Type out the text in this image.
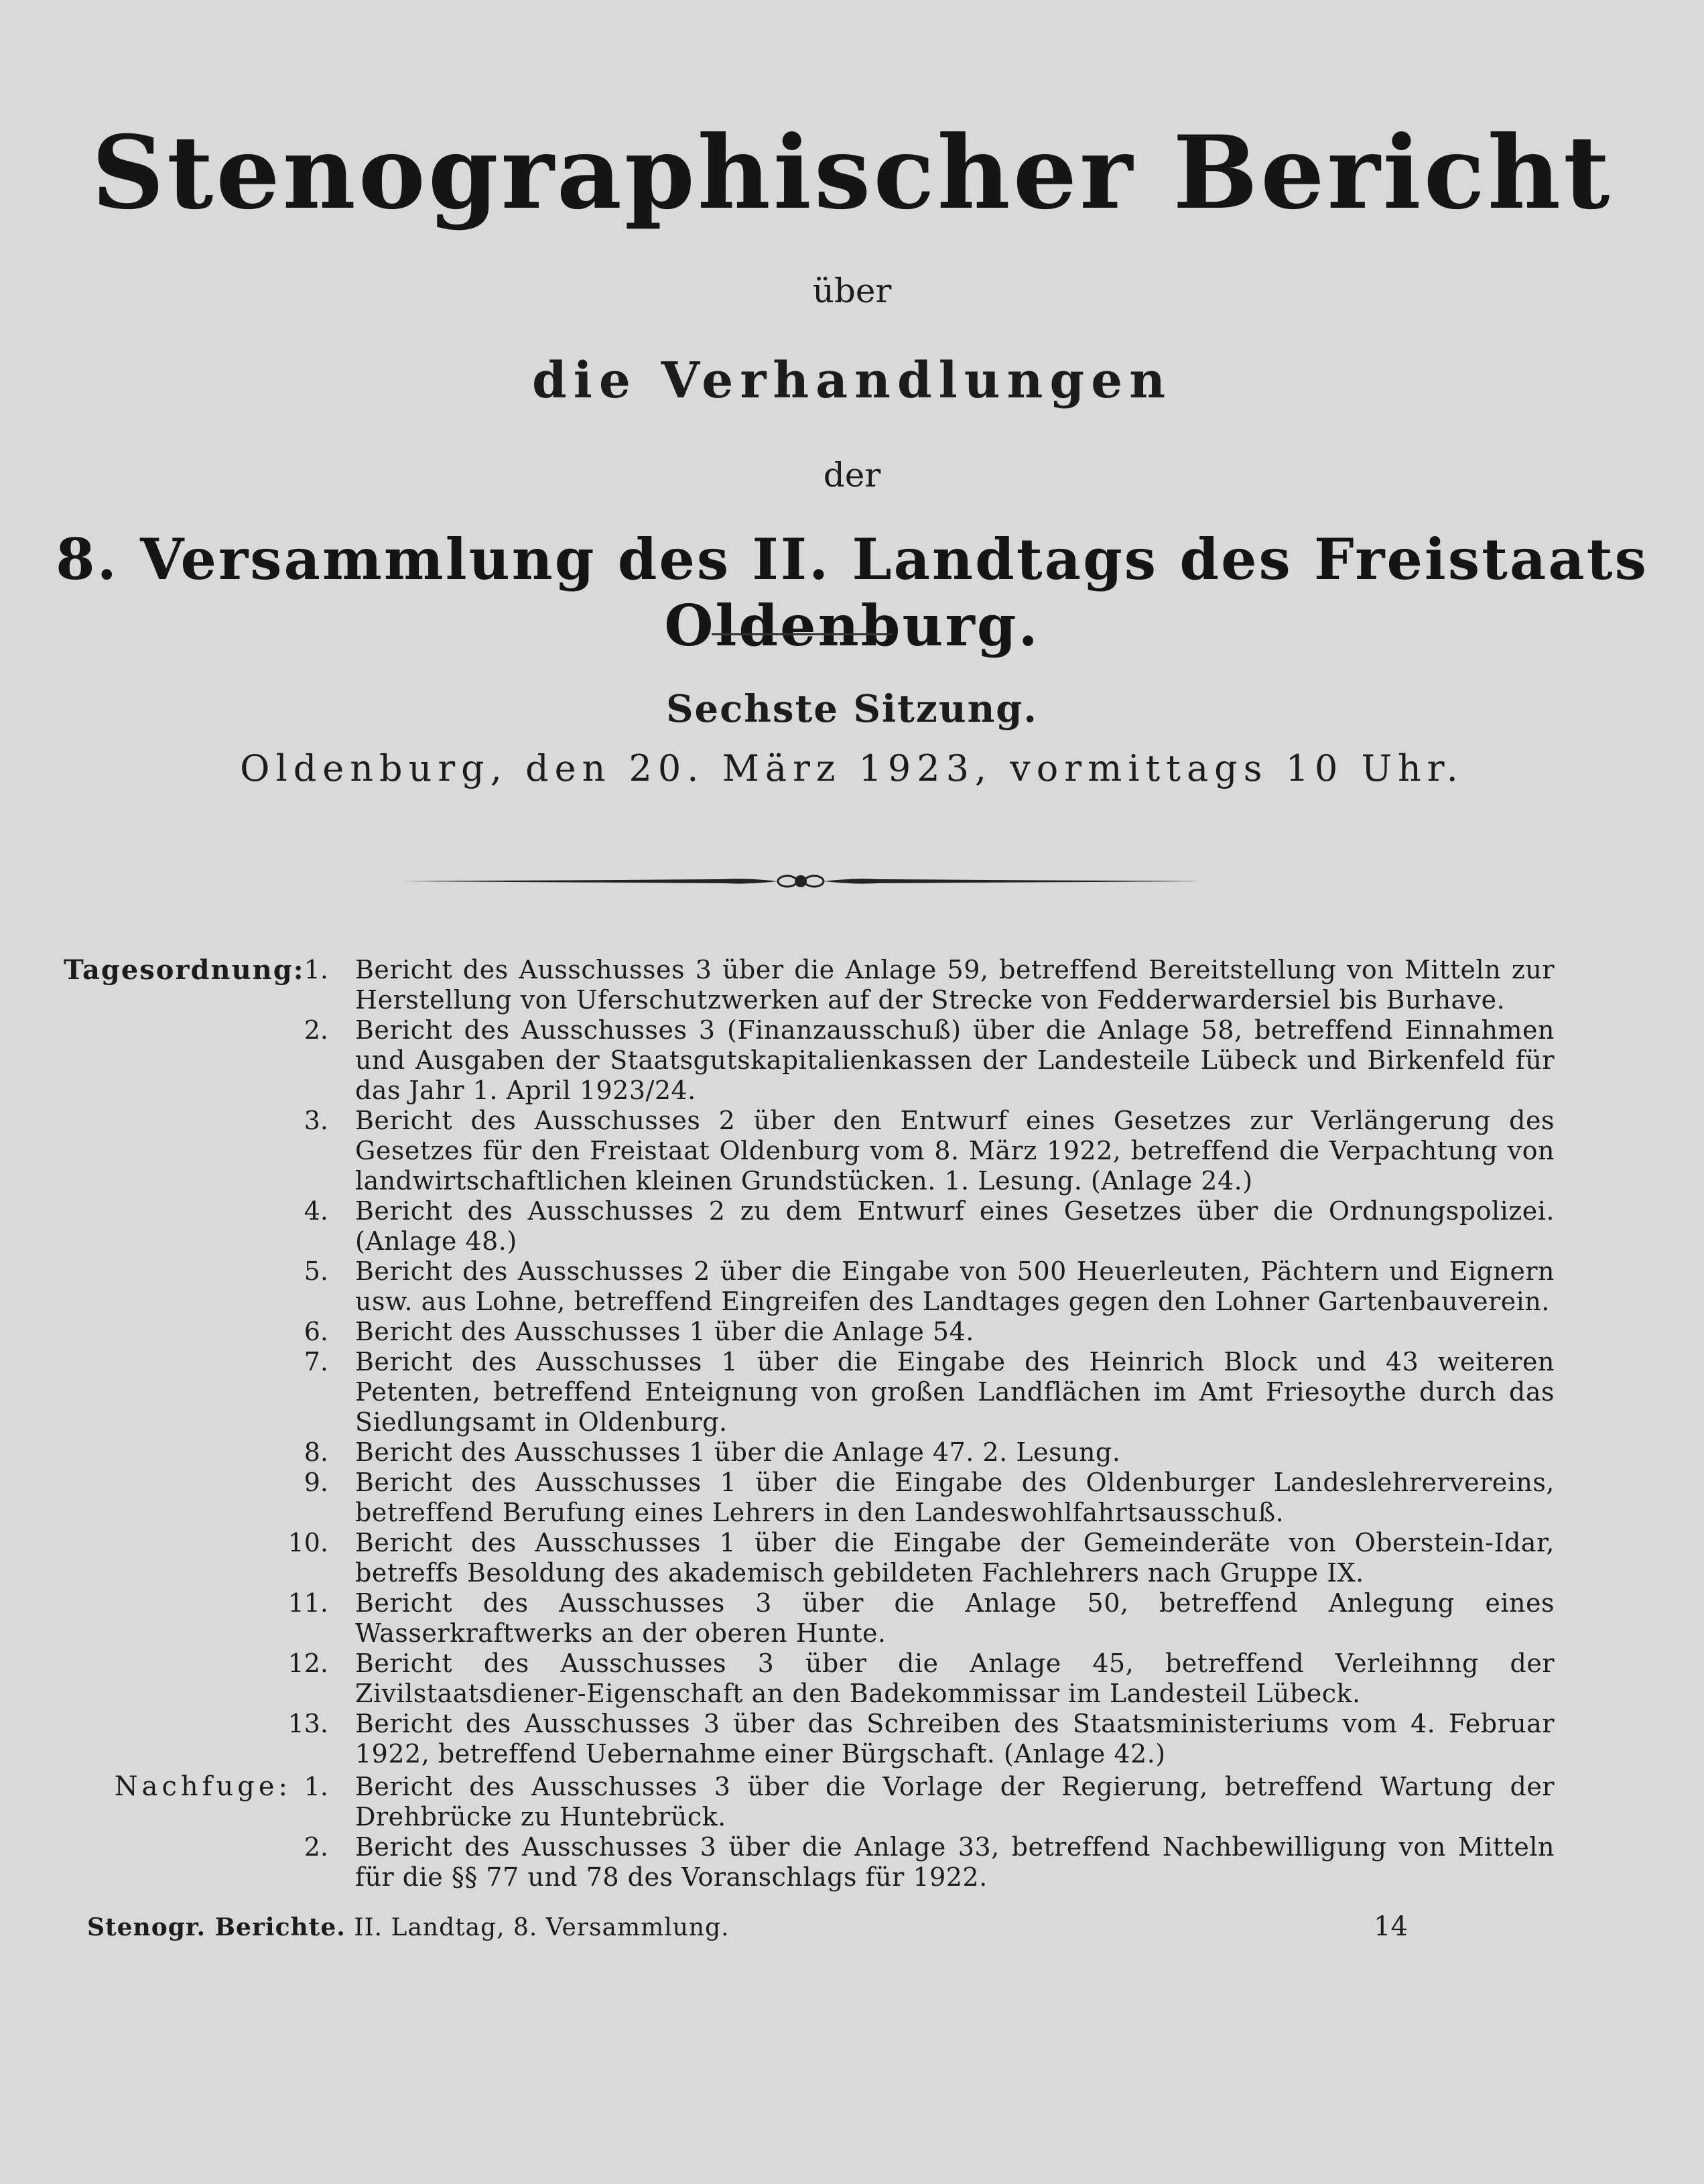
Stenographischer Bericht
über
die Verhandlungen
der
8. Versammlung des II. Landtags des Freistaats Oldenburg.
Sechste Sitzung.
Oldenburg, den 20. März 1923, vormittags 10 Uhr.
Tagesordnung: 1. Bericht des Ausschusses 3 über die Anlage 59, betreffend Bereitstellung von Mitteln zur Herstellung von Uferschutzwerken auf der Strecke von Fedderwardersiel bis Burhave.
2. Bericht des Ausschusses 3 (Finanzausschuß) über die Anlage 58, betreffend Einnahmen und Ausgaben der Staatsgutskapitalienkassen der Landesteile Lübeck und Birkenfeld für das Jahr 1. April 1923/24.
3. Bericht des Ausschusses 2 über den Entwurf eines Gesetzes zur Verlängerung des Gesetzes für den Freistaat Oldenburg vom 8. März 1922, betreffend die Verpachtung von landwirtschaftlichen kleinen Grundstücken. 1. Lesung. (Anlage 24.)
4. Bericht des Ausschusses 2 zu dem Entwurf eines Gesetzes über die Ordnungspolizei. (Anlage 48.)
5. Bericht des Ausschusses 2 über die Eingabe von 500 Heuerleuten, Pächtern und Eignern usw. aus Lohne, betreffend Eingreifen des Landtages gegen den Lohner Gartenbauverein.
6. Bericht des Ausschusses 1 über die Anlage 54.
7. Bericht des Ausschusses 1 über die Eingabe des Heinrich Block und 43 weiteren Petenten, betreffend Enteignung von großen Landflächen im Amt Friesoythe durch das Siedlungsamt in Oldenburg.
8. Bericht des Ausschusses 1 über die Anlage 47. 2. Lesung.
9. Bericht des Ausschusses 1 über die Eingabe des Oldenburger Landeslehrervereins, betreffend Berufung eines Lehrers in den Landeswohlfahrtsausschuß.
10. Bericht des Ausschusses 1 über die Eingabe der Gemeinderäte von Oberstein-Idar, betreffs Besoldung des akademisch gebildeten Fachlehrers nach Gruppe IX.
11. Bericht des Ausschusses 3 über die Anlage 50, betreffend Anlegung eines Wasserkraftwerks an der oberen Hunte.
12. Bericht des Ausschusses 3 über die Anlage 45, betreffend Verleihnng der Zivilstaatsdiener-Eigenschaft an den Badekommissar im Landesteil Lübeck.
13. Bericht des Ausschusses 3 über das Schreiben des Staatsministeriums vom 4. Februar 1922, betreffend Uebernahme einer Bürgschaft. (Anlage 42.)
Nachfuge: 1. Bericht des Ausschusses 3 über die Vorlage der Regierung, betreffend Wartung der Drehbrücke zu Huntebrück.
2. Bericht des Ausschusses 3 über die Anlage 33, betreffend Nachbewilligung von Mitteln für die §§ 77 und 78 des Voranschlags für 1922.
Stenogr. Berichte. II. Landtag, 8. Versammlung.	14
